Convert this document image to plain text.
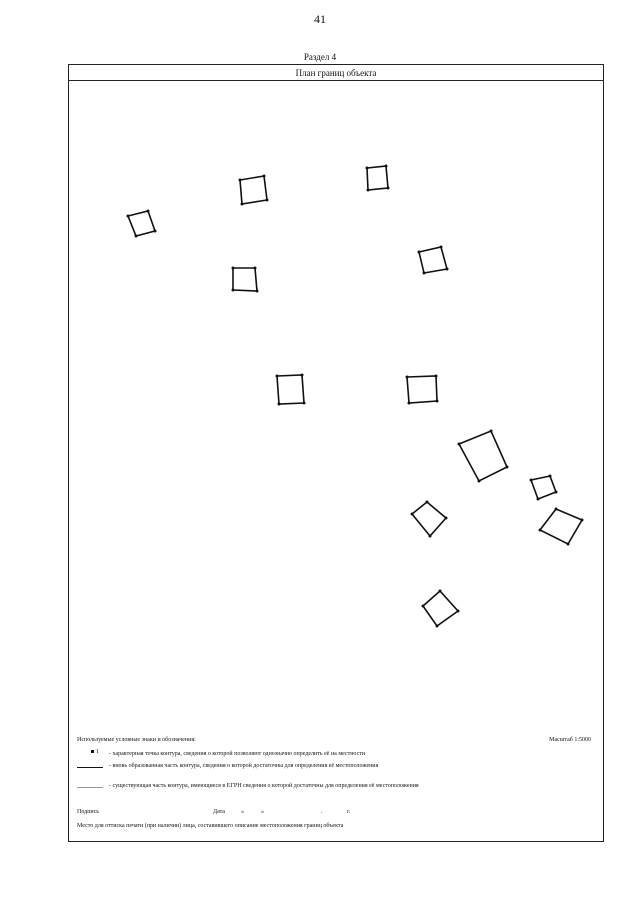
41
Раздел 4
План границ объекта
Используемые условные знаки и обозначения:	Масштаб 1:5000
1 - характерная точка контура, сведения о которой позволяют однозначно определить её на местности
- вновь образованная часть контура, сведения о которой достаточны для определения её местоположения
- существующая часть контура, имеющиеся в ЕГРН сведения о которой достаточны для определения её местоположения
Подпись	Дата	«	»	.	г.
Место для оттиска печати (при наличии) лица, составившего описание местоположения границ объекта
